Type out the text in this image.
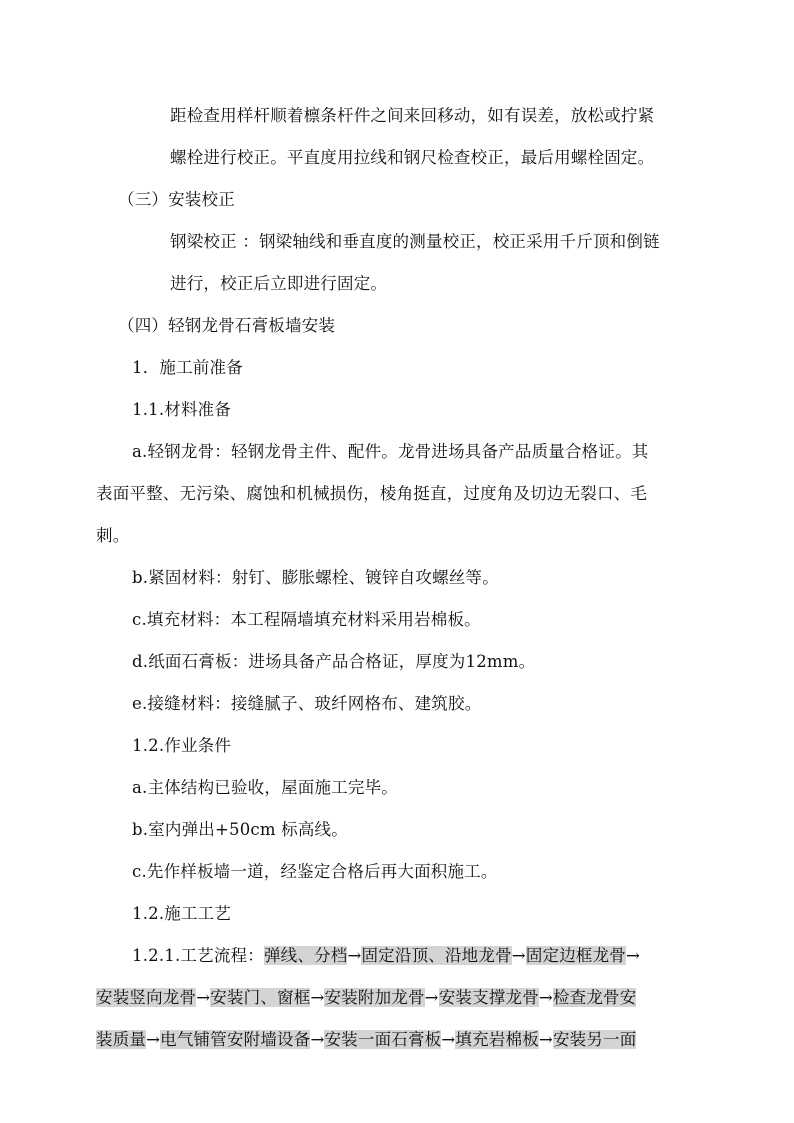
距检查用样杆顺着檩条杆件之间来回移动，如有误差，放松或拧紧
螺栓进行校正。平直度用拉线和钢尺检查校正，最后用螺栓固定。
（三）安装校正
钢梁校正 ：钢梁轴线和垂直度的测量校正，校正采用千斤顶和倒链
进行，校正后立即进行固定。
（四）轻钢龙骨石膏板墙安装
1．施工前准备
1.1.材料准备
a.轻钢龙骨：轻钢龙骨主件、配件。龙骨进场具备产品质量合格证。其
表面平整、无污染、腐蚀和机械损伤，棱角挺直，过度角及切边无裂口、毛
刺。
b.紧固材料：射钉、膨胀螺栓、镀锌自攻螺丝等。
c.填充材料：本工程隔墙填充材料采用岩棉板。
d.纸面石膏板：进场具备产品合格证，厚度为12mm。
e.接缝材料：接缝腻子、玻纤网格布、建筑胶。
1.2.作业条件
a.主体结构已验收，屋面施工完毕。
b.室内弹出+50cm 标高线。
c.先作样板墙一道，经鉴定合格后再大面积施工。
1.2.施工工艺
1.2.1.工艺流程：弹线、分档→固定沿顶、沿地龙骨→固定边框龙骨→
安装竖向龙骨→安装门、窗框→安装附加龙骨→安装支撑龙骨→检查龙骨安
装质量→电气铺管安附墙设备→安装一面石膏板→填充岩棉板→安装另一面
